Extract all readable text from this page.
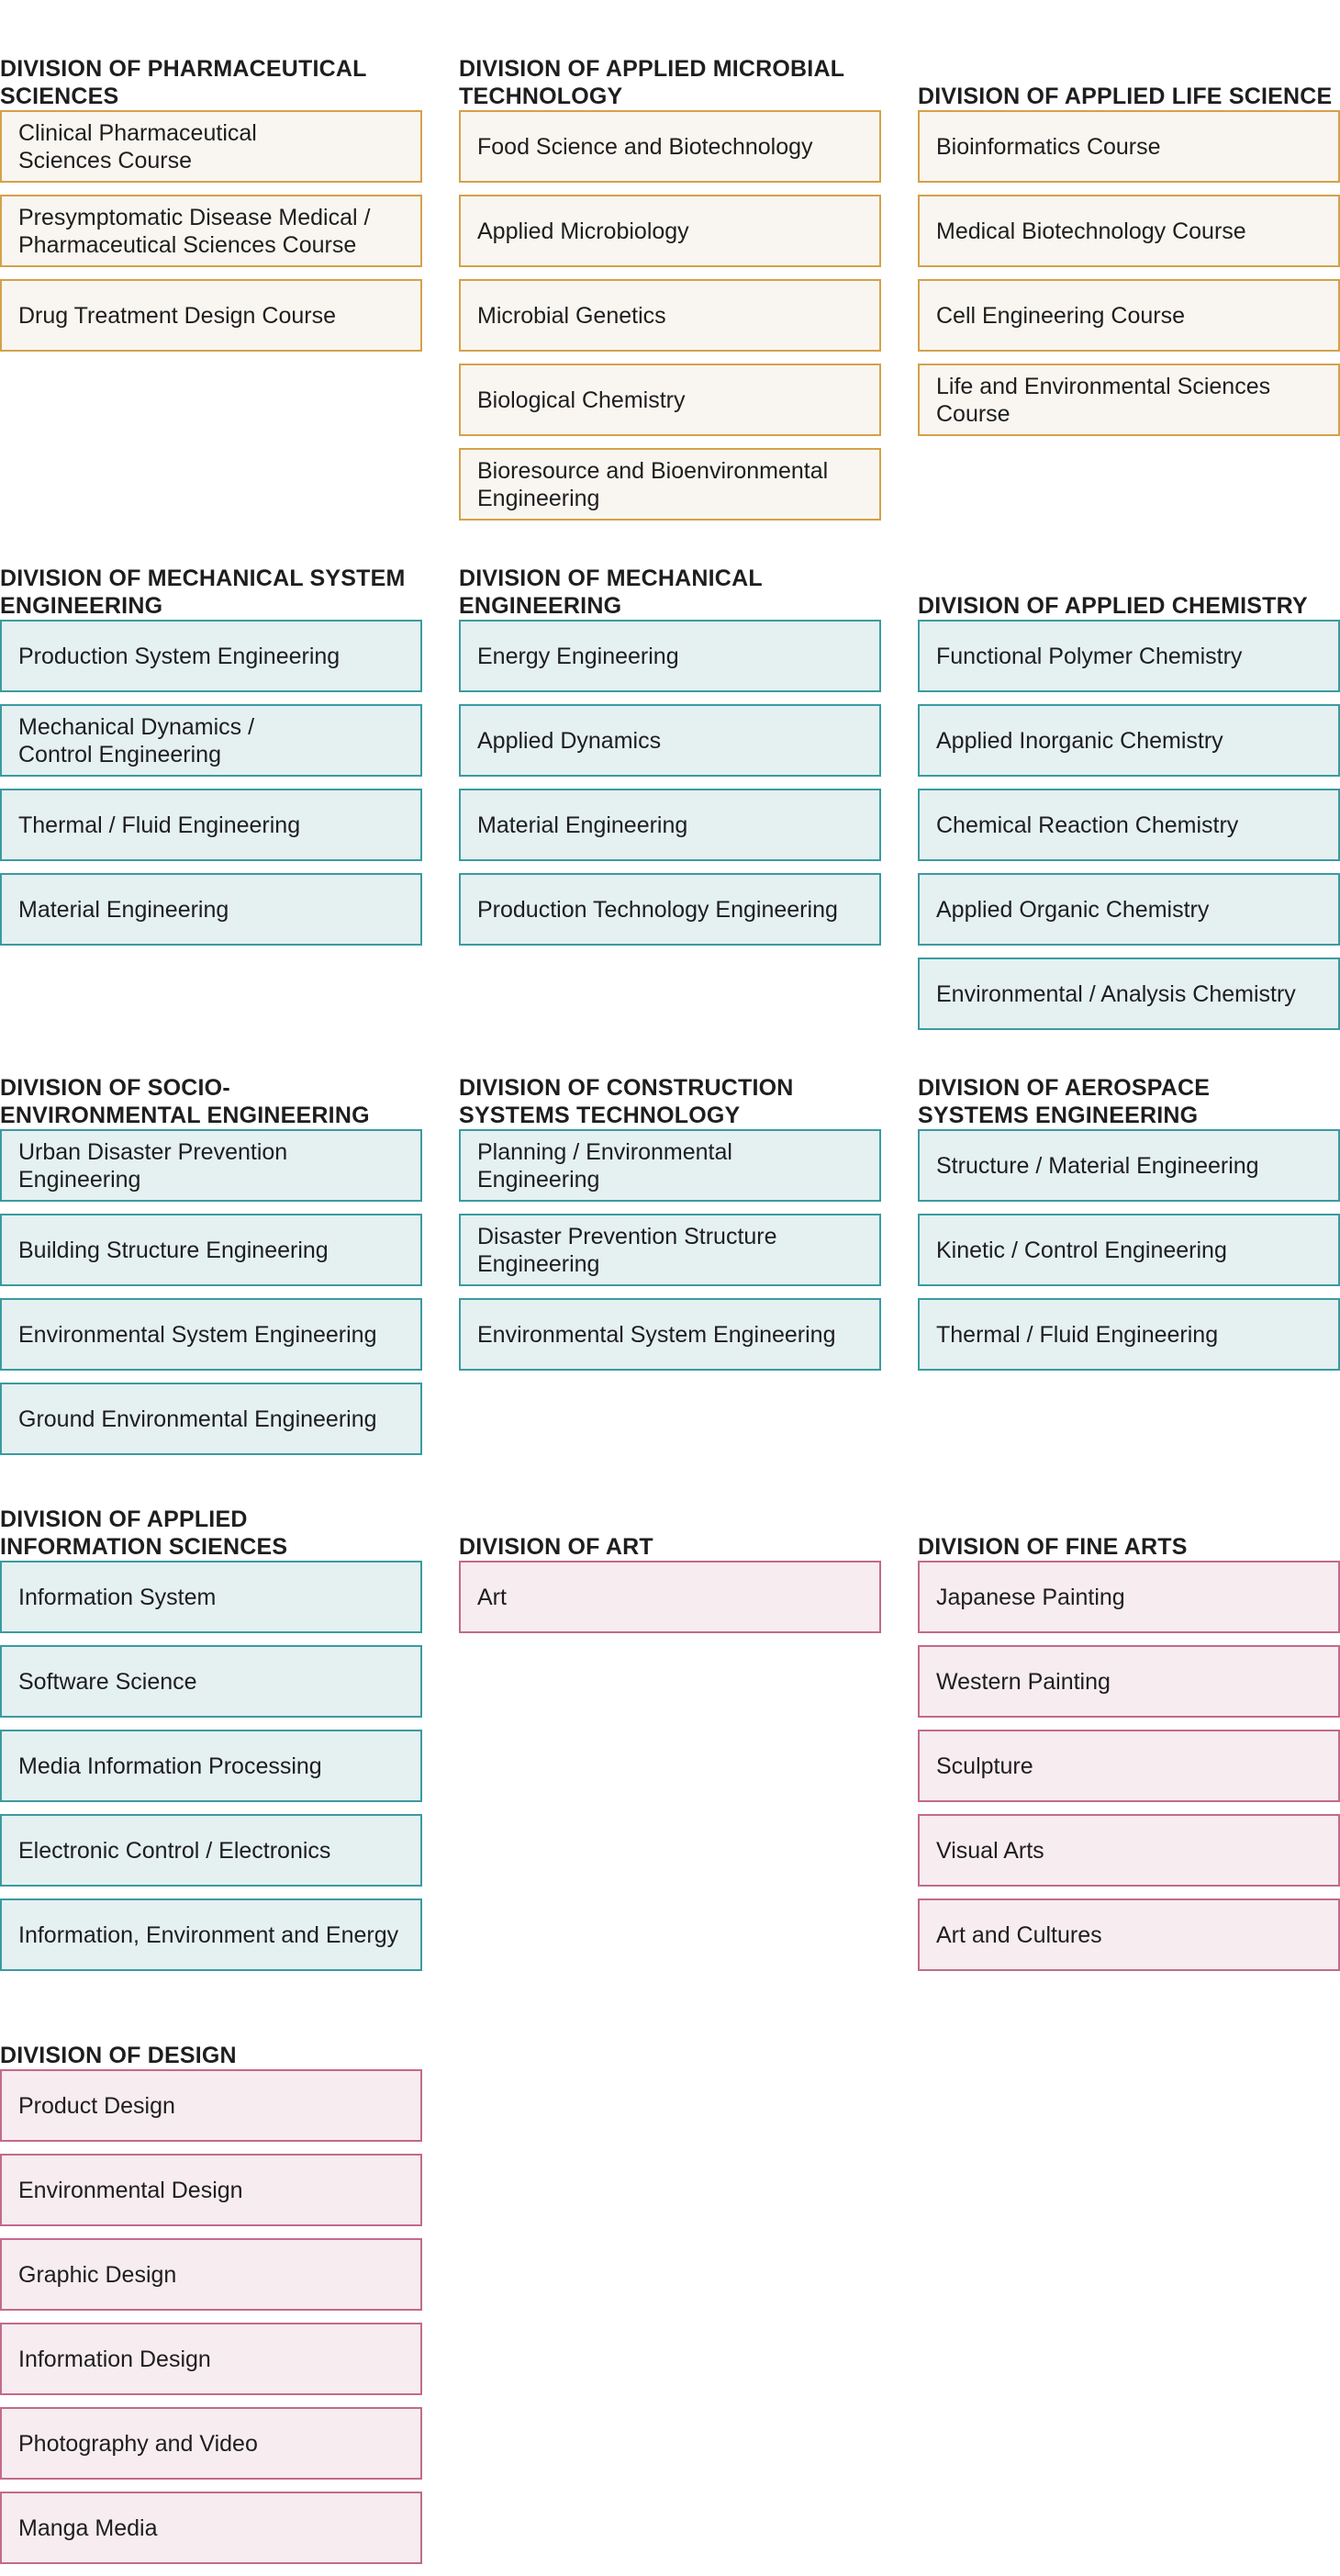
DIVISION OF PHARMACEUTICAL
SCIENCES
Clinical Pharmaceutical
Sciences Course
Presymptomatic Disease Medical /
Pharmaceutical Sciences Course
Drug Treatment Design Course
DIVISION OF APPLIED MICROBIAL
TECHNOLOGY
Food Science and Biotechnology
Applied Microbiology
Microbial Genetics
Biological Chemistry
Bioresource and Bioenvironmental
Engineering
DIVISION OF APPLIED LIFE SCIENCE
Bioinformatics Course
Medical Biotechnology Course
Cell Engineering Course
Life and Environmental Sciences
Course
DIVISION OF MECHANICAL SYSTEM
ENGINEERING
Production System Engineering
Mechanical Dynamics /
Control Engineering
Thermal / Fluid Engineering
Material Engineering
DIVISION OF MECHANICAL
ENGINEERING
Energy Engineering
Applied Dynamics
Material Engineering
Production Technology Engineering
DIVISION OF APPLIED CHEMISTRY
Functional Polymer Chemistry
Applied Inorganic Chemistry
Chemical Reaction Chemistry
Applied Organic Chemistry
Environmental / Analysis Chemistry
DIVISION OF SOCIO-
ENVIRONMENTAL ENGINEERING
Urban Disaster Prevention
Engineering
Building Structure Engineering
Environmental System Engineering
Ground Environmental Engineering
DIVISION OF CONSTRUCTION
SYSTEMS TECHNOLOGY
Planning / Environmental
Engineering
Disaster Prevention Structure
Engineering
Environmental System Engineering
DIVISION OF AEROSPACE
SYSTEMS ENGINEERING
Structure / Material Engineering
Kinetic / Control Engineering
Thermal / Fluid Engineering
DIVISION OF APPLIED
INFORMATION SCIENCES
Information System
Software Science
Media Information Processing
Electronic Control / Electronics
Information, Environment and Energy
DIVISION OF ART
Art
DIVISION OF FINE ARTS
Japanese Painting
Western Painting
Sculpture
Visual Arts
Art and Cultures
DIVISION OF DESIGN
Product Design
Environmental Design
Graphic Design
Information Design
Photography and Video
Manga Media
